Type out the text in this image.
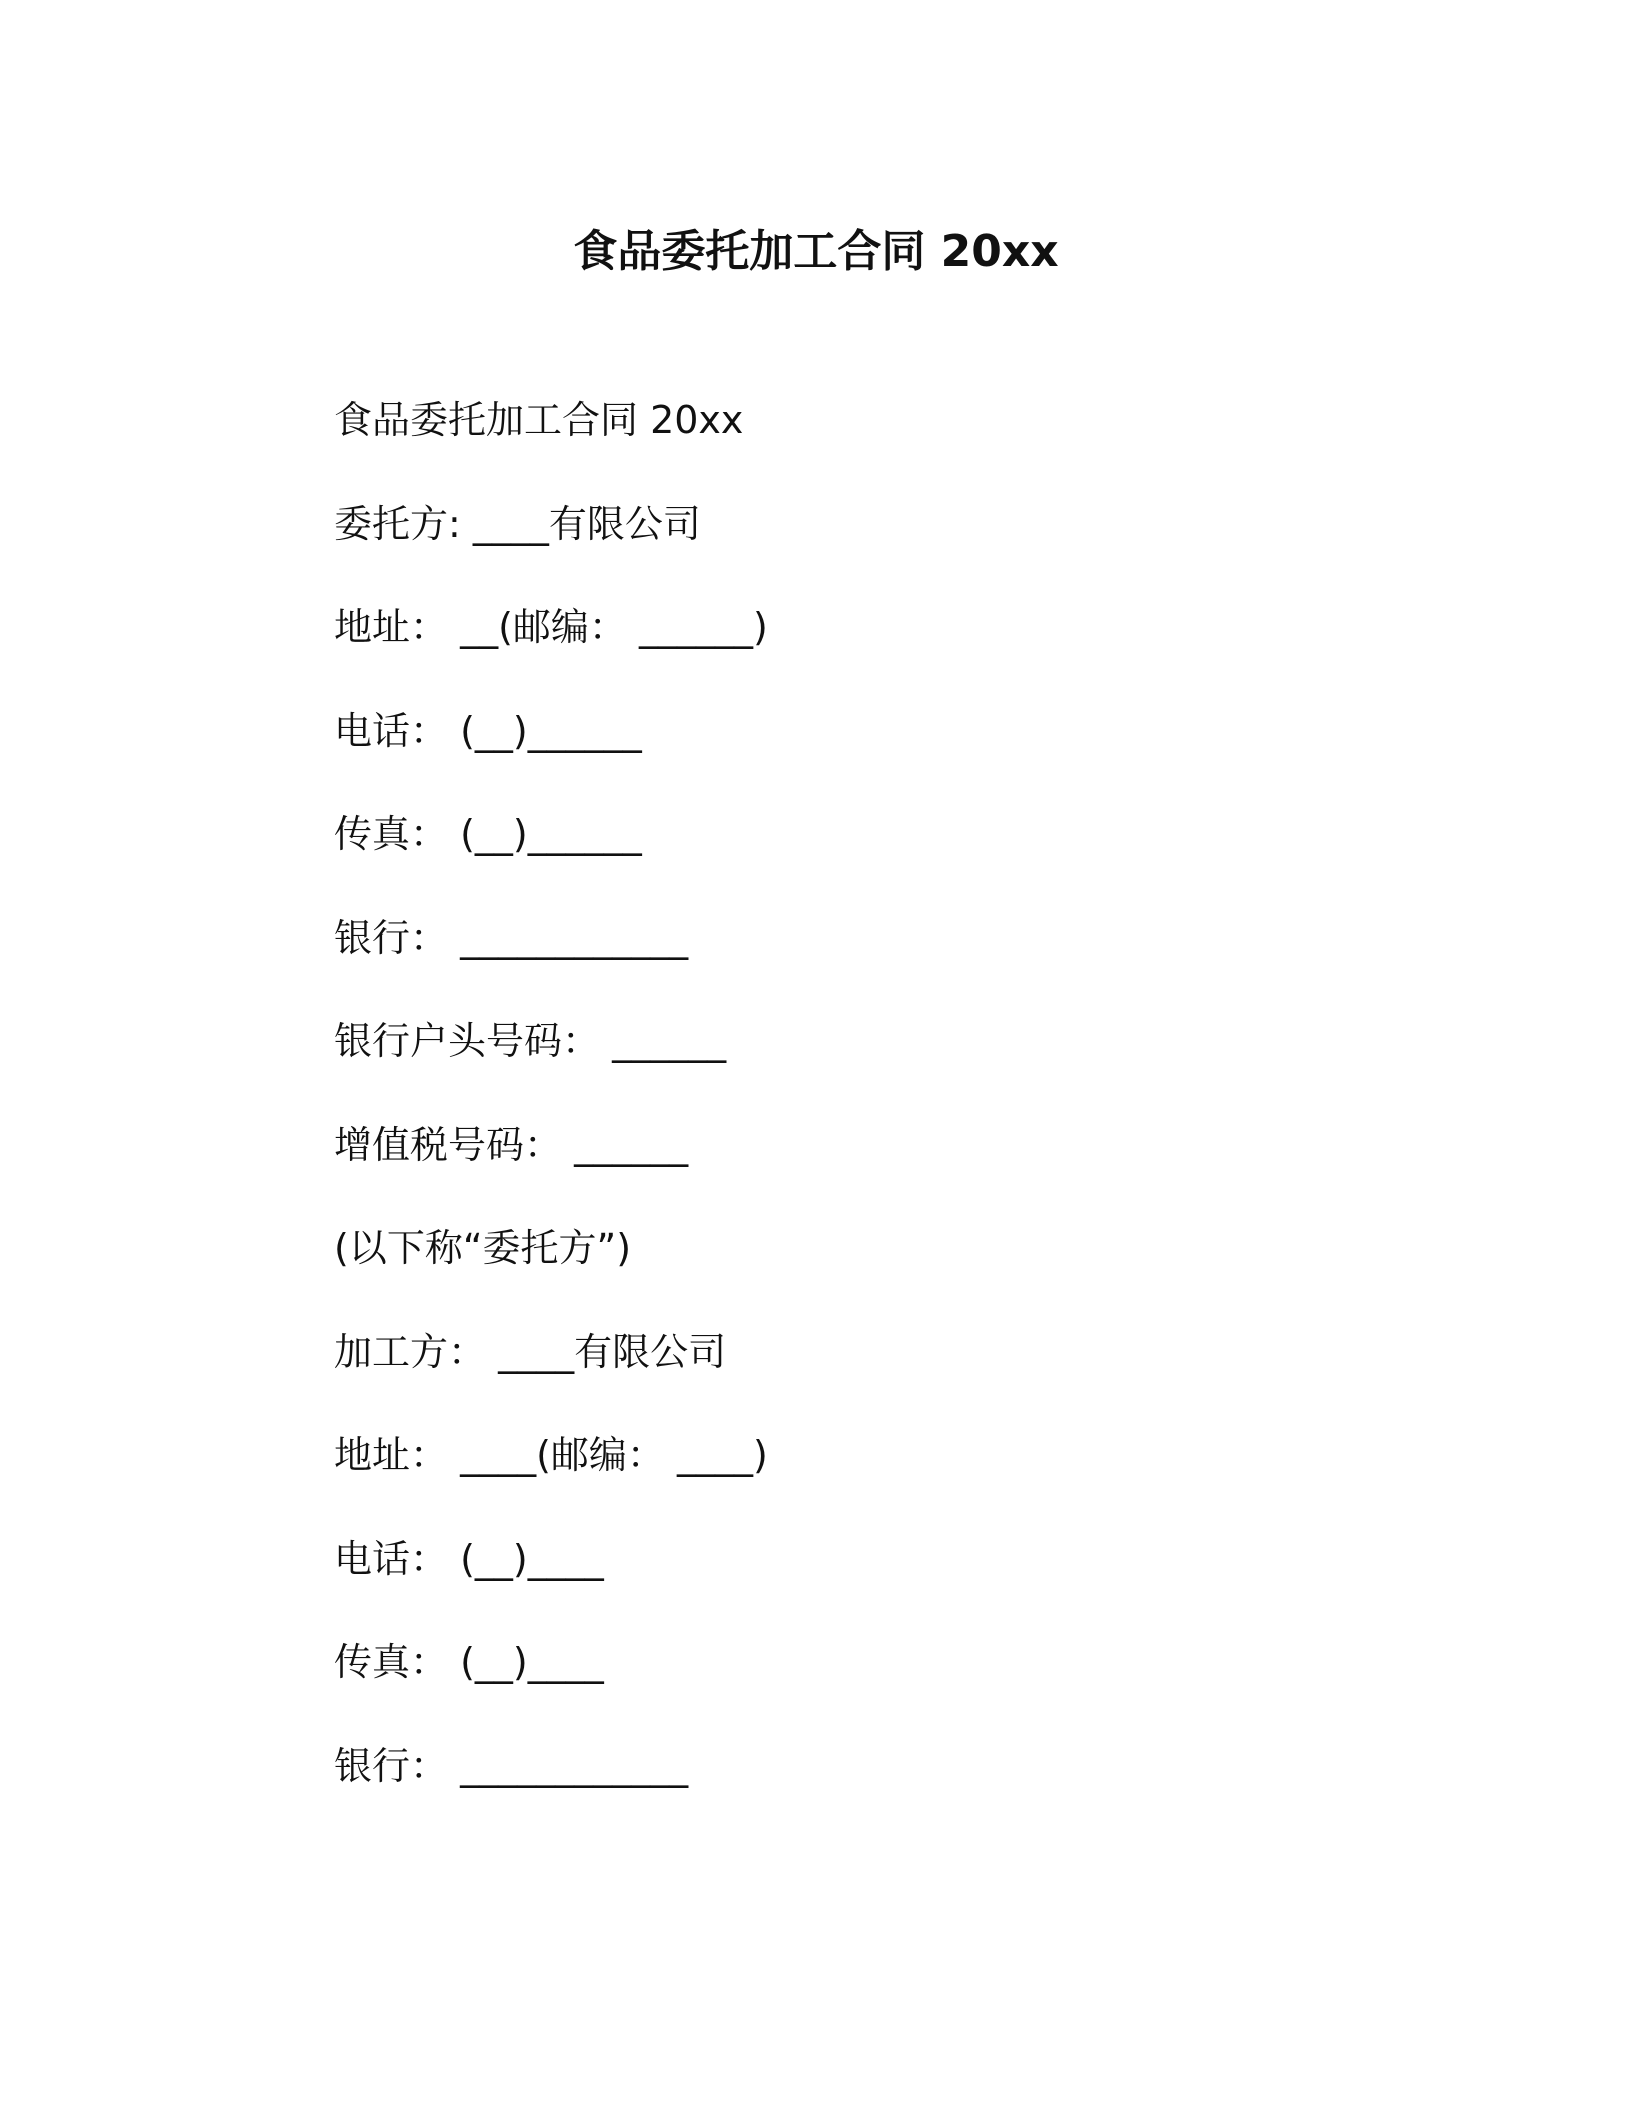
食品委托加工合同 20xx
食品委托加工合同 20xx
委托方: ____有限公司
地址： __(邮编： ______)
电话： (__)______
传真： (__)______
银行： ____________
银行户头号码： ______
增值税号码： ______
(以下称“委托方”)
加工方： ____有限公司
地址： ____(邮编： ____)
电话： (__)____
传真： (__)____
银行： ____________
